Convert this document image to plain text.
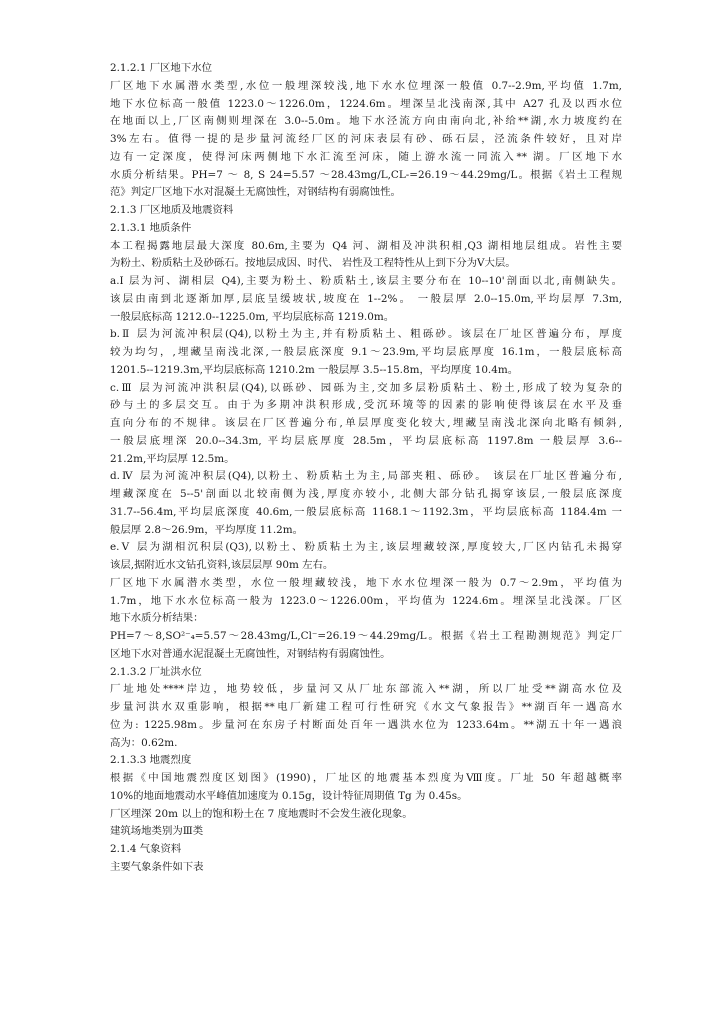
2.1.2.1 厂区地下水位
厂区地下水属潜水类型,水位一般埋深较浅,地下水水位埋深一般值 0.7--2.9m,平均值 1.7m,
地下水位标高一般值 1223.0～1226.0m，1224.6m。埋深呈北浅南深,其中 A27 孔及以西水位
在地面以上,厂区南侧则埋深在 3.0--5.0m。地下水泾流方向由南向北,补给**湖,水力坡度约在
3%左右。值得一提的是步量河流经厂区的河床表层有砂、砾石层，泾流条件较好，且对岸
边有一定深度，使得河床两侧地下水汇流至河床，随上游水流一同流入** 湖。厂区地下水
水质分析结果。PH=7 ～ 8, S 24=5.57 ～28.43mg/L,CL-=26.19～44.29mg/L。根据《岩土工程规
范》判定厂区地下水对混凝土无腐蚀性，对钢结构有弱腐蚀性。
2.1.3 厂区地质及地震资料
2.1.3.1 地质条件
本工程揭露地层最大深度 80.6m,主要为 Q4 河、湖相及冲洪积相,Q3 湖相地层组成。岩性主要
为粉土、粉质粘土及砂砾石。按地层成因、时代、 岩性及工程特性从上到下分为Ⅴ大层。
a.I 层为河、湖相层 Q4),主要为粉土、粉质粘土,该层主要分布在 10--10'剖面以北,南侧缺失。
该层由南到北逐渐加厚,层底呈缓坡状,坡度在 1--2%。 一般层厚 2.0--15.0m,平均层厚 7.3m,
一般层底标高 1212.0--1225.0m, 平均层底标高 1219.0m。
b.Ⅱ 层为河流冲积层(Q4),以粉土为主,并有粉质粘土、粗砾砂。该层在厂址区普遍分布，厚度
较为均匀，,埋藏呈南浅北深,一般层底深度 9.1～23.9m,平均层底厚度 16.1m，一般层底标高
1201.5--1219.3m,平均层底标高 1210.2m 一般层厚 3.5--15.8m，平均厚度 10.4m。
c.Ⅲ 层为河流冲洪积层(Q4),以砾砂、园砾为主,交加多层粉质粘土、粉土,形成了较为复杂的
砂与土的多层交互。由于为多期冲洪积形成,受沉环境等的因素的影响使得该层在水平及垂
直向分布的不规律。该层在厂区普遍分布,单层厚度变化较大,埋藏呈南浅北深向北略有倾斜,
一般层底埋深 20.0--34.3m, 平均层底厚度 28.5m，平均层底标高 1197.8m 一般层厚 3.6--
21.2m,平均层厚 12.5m。
d.Ⅳ 层为河流冲积层(Q4),以粉土、粉质粘土为主,局部夹粗、砾砂。 该层在厂址区普遍分布,
埋藏深度在 5--5'剖面以北较南侧为浅,厚度亦较小, 北侧大部分钻孔揭穿该层,一般层底深度
31.7--56.4m,平均层底深度 40.6m,一般层底标高 1168.1～1192.3m，平均层底标高 1184.4m 一
般层厚 2.8～26.9m，平均厚度 11.2m。
e.Ⅴ 层为湖相沉积层(Q3),以粉土、粉质粘土为主,该层埋藏较深,厚度较大,厂区内钻孔未揭穿
该层,据附近水文钻孔资料,该层层厚 90m 左右。
厂区地下水属潜水类型，水位一般埋藏较浅，地下水水位埋深一般为 0.7～2.9m，平均值为
1.7m，地下水水位标高一般为 1223.0～1226.00m，平均值为 1224.6m。埋深呈北浅深。厂区
地下水质分析结果：
PH=7～8,SO²⁻₄=5.57～28.43mg/L,Cl⁻=26.19～44.29mg/L。根据《岩土工程勘测规范》判定厂
区地下水对普通水泥混凝土无腐蚀性，对钢结构有弱腐蚀性。
2.1.3.2 厂址洪水位
厂址地处****岸边，地势较低，步量河又从厂址东部流入**湖，所以厂址受**湖高水位及
步量河洪水双重影响，根据**电厂新建工程可行性研究《水文气象报告》**湖百年一遇高水
位为: 1225.98m。步量河在东房子村断面处百年一遇洪水位为 1233.64m。**湖五十年一遇浪
高为：0.62m.
2.1.3.3 地震烈度
根据《中国地震烈度区划图》(1990)，厂址区的地震基本烈度为Ⅷ度。厂址 50 年超越概率
10%的地面地震动水平峰值加速度为 0.15g，设计特征周期值 Tg 为 0.45s。
厂区埋深 20m 以上的饱和粉土在 7 度地震时不会发生液化现象。
建筑场地类别为Ⅲ类
2.1.4 气象资料
主要气象条件如下表
